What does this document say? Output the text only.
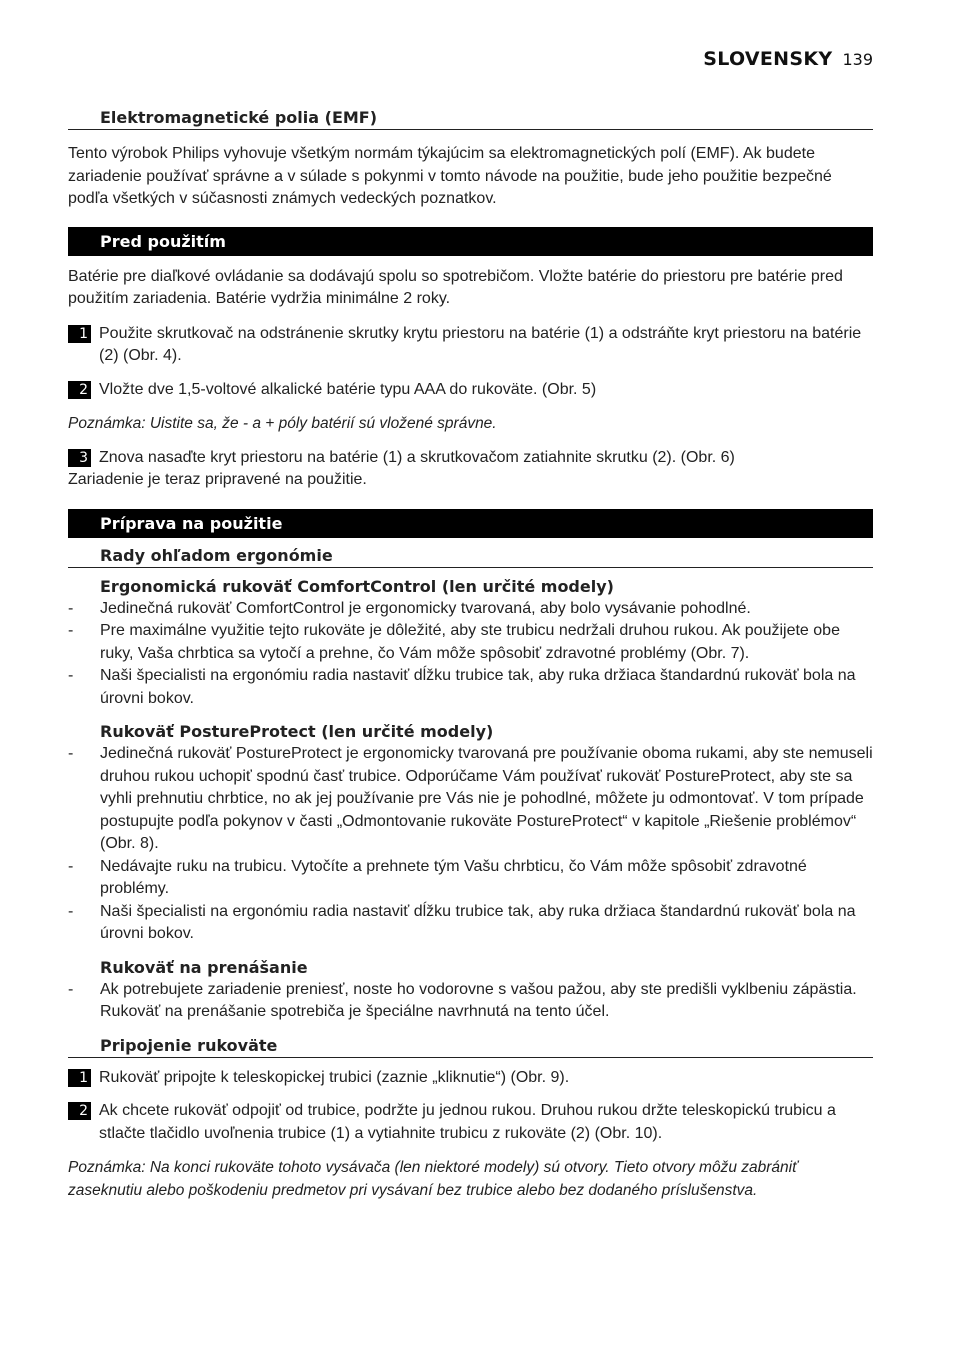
SLOVENSKY 139
Elektromagnetické polia (EMF)
Tento výrobok Philips vyhovuje všetkým normám týkajúcim sa elektromagnetických polí (EMF). Ak budete zariadenie používať správne a v súlade s pokynmi v tomto návode na použitie, bude jeho použitie bezpečné podľa všetkých v súčasnosti známych vedeckých poznatkov.
Pred použitím
Batérie pre diaľkové ovládanie sa dodávajú spolu so spotrebičom. Vložte batérie do priestoru pre batérie pred použitím zariadenia. Batérie vydržia minimálne 2 roky.
1 Použite skrutkovač na odstránenie skrutky krytu priestoru na batérie (1) a odstráňte kryt priestoru na batérie (2) (Obr. 4).
2 Vložte dve 1,5-voltové alkalické batérie typu AAA do rukoväte. (Obr. 5)
Poznámka: Uistite sa, že - a + póly batérií sú vložené správne.
3 Znova nasaďte kryt priestoru na batérie (1) a skrutkovačom zatiahnite skrutku (2). (Obr. 6)
Zariadenie je teraz pripravené na použitie.
Príprava na použitie
Rady ohľadom ergonómie
Ergonomická rukoväť ComfortControl (len určité modely)
-	Jedinečná rukoväť ComfortControl je ergonomicky tvarovaná, aby bolo vysávanie pohodlné.
-	Pre maximálne využitie tejto rukoväte je dôležité, aby ste trubicu nedržali druhou rukou. Ak použijete obe ruky, Vaša chrbtica sa vytočí a prehne, čo Vám môže spôsobiť zdravotné problémy (Obr. 7).
-	Naši špecialisti na ergonómiu radia nastaviť dĺžku trubice tak, aby ruka držiaca štandardnú rukoväť bola na úrovni bokov.
Rukoväť PostureProtect (len určité modely)
-	Jedinečná rukoväť PostureProtect je ergonomicky tvarovaná pre používanie oboma rukami, aby ste nemuseli druhou rukou uchopiť spodnú časť trubice. Odporúčame Vám používať rukoväť PostureProtect, aby ste sa vyhli prehnutiu chrbtice, no ak jej používanie pre Vás nie je pohodlné, môžete ju odmontovať. V tom prípade postupujte podľa pokynov v časti „Odmontovanie rukoväte PostureProtect“ v kapitole „Riešenie problémov“ (Obr. 8).
-	Nedávajte ruku na trubicu. Vytočíte a prehnete tým Vašu chrbticu, čo Vám môže spôsobiť zdravotné problémy.
-	Naši špecialisti na ergonómiu radia nastaviť dĺžku trubice tak, aby ruka držiaca štandardnú rukoväť bola na úrovni bokov.
Rukoväť na prenášanie
-	Ak potrebujete zariadenie preniesť, noste ho vodorovne s vašou pažou, aby ste predišli vyklbeniu zápästia. Rukoväť na prenášanie spotrebiča je špeciálne navrhnutá na tento účel.
Pripojenie rukoväte
1 Rukoväť pripojte k teleskopickej trubici (zaznie „kliknutie“) (Obr. 9).
2 Ak chcete rukoväť odpojiť od trubice, podržte ju jednou rukou. Druhou rukou držte teleskopickú trubicu a stlačte tlačidlo uvoľnenia trubice (1) a vytiahnite trubicu z rukoväte (2) (Obr. 10).
Poznámka: Na konci rukoväte tohoto vysávača (len niektoré modely) sú otvory. Tieto otvory môžu zabrániť zaseknutiu alebo poškodeniu predmetov pri vysávaní bez trubice alebo bez dodaného príslušenstva.
